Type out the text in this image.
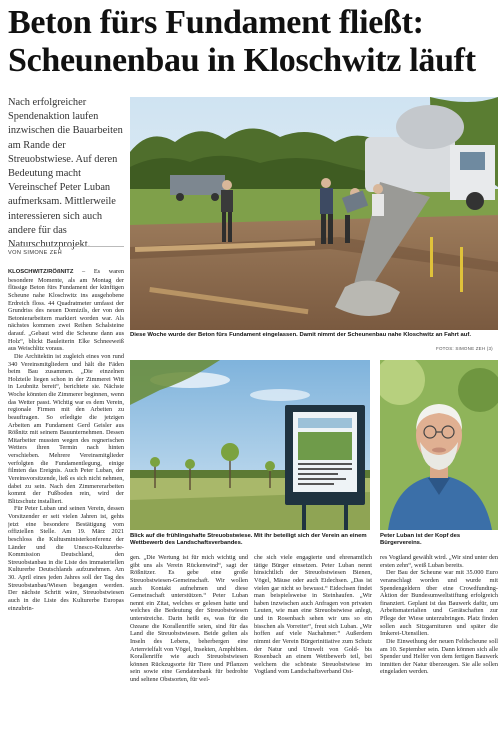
Beton fürs Fundament fließt:
Scheunenbau in Kloschwitz läuft
Nach erfolgreicher Spendenaktion laufen inzwischen die Bauarbeiten am Rande der Streuobstwiese. Auf deren Bedeutung macht Vereinschef Peter Luban aufmerksam. Mittlerweile interessieren sich auch andere für das Naturschutzprojekt.
VON SIMONE ZEH
FOTOS: SIMONE ZEH (3)
Diese Woche wurde der Beton fürs Fundament eingelassen. Damit nimmt der Scheunenbau nahe Kloschwitz an Fahrt auf.
Blick auf die frühlingshafte Streuobstwiese. Mit ihr beteiligt sich der Verein an einem Wettbewerb des Landschaftsverbandes.
Peter Luban ist der Kopf des Bürgervereins.

KLOSCHWITZ/RÖßNITZ – Es waren besondere Momente, als am Montag der flüssige Beton fürs Fundament der künftigen Scheune nahe Kloschwitz ins ausgehobene Erdreich floss. 44 Quadratmeter umfasst der Grundriss des neuen Domizils, der von den Betonierarbeitern markiert worden war. Als nächstes kommen zwei Reihen Schalsteine darauf. „Gebaut wird die Scheune dann aus Holz“, blickt Bauleiterin Elke Schneeweiß aus Weischlitz voraus.

Die Architektin ist zugleich eines von rund 340 Vereinsmitgliedern und hält die Fäden beim Bau zusammen. „Die einzelnen Holzteile liegen schon in der Zimmerei Witt in Leubnitz bereit“, berichtete sie. Nächste Woche könnten die Zimmerer beginnen, wenn das Wetter passt. Wichtig war es dem Verein, regionale Firmen mit den Arbeiten zu beauftragen. So erledigte die jetzigen Arbeiten am Fundament Gerd Geisler aus Rößnitz mit seinem Bauunternehmen. Dessen Mitarbeiter mussten wegen des regnerischen Wetters ihren Termin nach hinten verschieben. Mehrere Vereinsmitglieder verfolgten die Fundamentlegung, einige filmten das Ereignis. Auch Peter Luban, der Vereinsvorsitzende, ließ es sich nicht nehmen, dabei zu sein. Nach den Zimmererarbeiten kommt der Fußboden rein, wird der Blitzschutz installiert.

Für Peter Luban und seinen Verein, dessen Vorsitzender er seit vielen Jahren ist, gehts jetzt eine besondere Bestätigung vom offiziellen Stelle. Am 19. März 2021 beschloss die Kultusministerkonferenz der Länder und die Unesco-Kulturerbe-Kommission Deutschland, den Streuobstanbau in die Liste des immateriellen Kulturerbe Deutschlands aufzunehmen. Am 30. April eines jeden Jahres soll der Tag des Streuobstanbau/Wiesen begangen werden. Der nächste Schritt wäre, Streuobstwiesen auch in die Liste des Kulturerbe Europas einzubrin-

gen. „Die Wertung ist für mich wichtig und gibt uns als Verein Rückenwind“, sagt der Rößnitzer. Es gebe eine große Streuobstwiesen-Gemeinschaft. Wir wollen auch Kontakt aufnehmen und diese Gemeinschaft unterstützen.“ Peter Luban nennt ein Zitat, welches er gelesen hatte und welches die Bedeutung der Streuobstwiesen unterstreiche. Darin heißt es, was für die Ozeane die Korallenriffe seien, sind für das Land die Streuobstwiesen. Beide gelten als Inseln des Lebens, beherbergen eine Artenvielfalt von Vögel, Insekten, Amphibien. Korallenriffe wie auch Streuobstwiesen können Rückzugsorte für Tiere und Pflanzen sein sowie eine Gendatenbank für bedrohte und seltene Obstsorten, für wel-

che sich viele engagierte und ehrenamtlich tätige Bürger einsetzen. Peter Luban nennt hinsichtlich der Streuobstwiesen Bienen, Vögel, Mäuse oder auch Eidechsen. „Das ist vielen gar nicht so bewusst.“ Eidechsen findet man beispielsweise in Steinhaufen. „Wir haben inzwischen auch Anfragen von privaten Leuten, wie man eine Streuobstwiese anlegt, und in Rosenbach sehen wir uns so ein bisschen als Vorreiter“, freut sich Luban. „Wir hoffen auf viele Nachahmer.“ Außerdem nimmt der Verein Bürgerinitiative zum Schutz der Natur und Umwelt von Gold- bis Rosenbach an einem Wettbewerb teil, bei welchem die schönste Streuobstwiese im Vogtland vom Landschaftsverband Ost-

res Vogtland gewählt wird. „Wir sind unter den ersten zehn“, weiß Luban bereits.

Der Bau der Scheune war mit 35.000 Euro veranschlagt worden und wurde mit Spendengeldern über eine Crowdfunding-Aktion der Bundesumweltstiftung erfolgreich finanziert. Geplant ist das Bauwerk dafür, um Arbeitsmaterialien und Gerätschaften zur Pflege der Wiese unterzubringen. Platz finden sollen auch Sitzgarnituren und später die Imkerei-Utensilien.

Die Einweihung der neuen Feldscheune soll am 10. September sein. Dann können sich alle Spender und Helfer von dem fertigen Bauwerk inmitten der Natur überzeugen. Sie alle sollen eingeladen werden.
